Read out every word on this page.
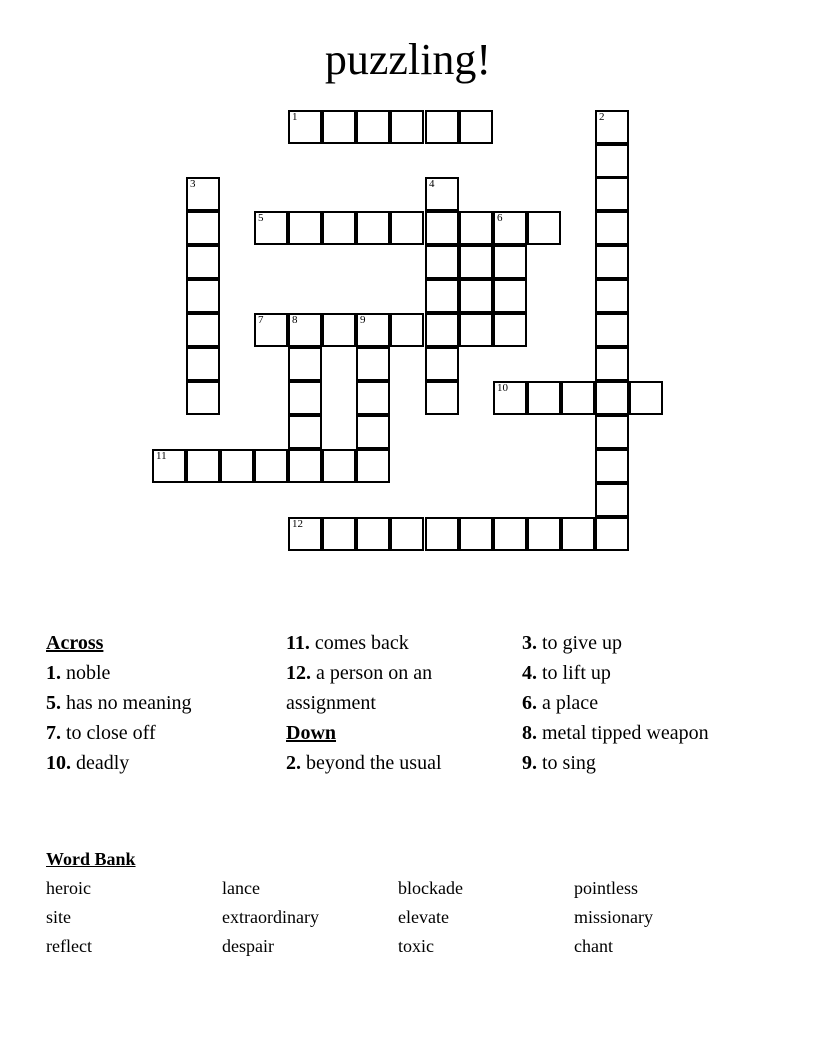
puzzling!
1	2
3	4
5	6
7	8	9
10
11
12
Across
1. noble
5. has no meaning
7. to close off
10. deadly
11. comes back
12. a person on an assignment
Down
2. beyond the usual
3. to give up
4. to lift up
6. a place
8. metal tipped weapon
9. to sing
Word Bank
heroic
site
reflect
lance
extraordinary
despair
blockade
elevate
toxic
pointless
missionary
chant
